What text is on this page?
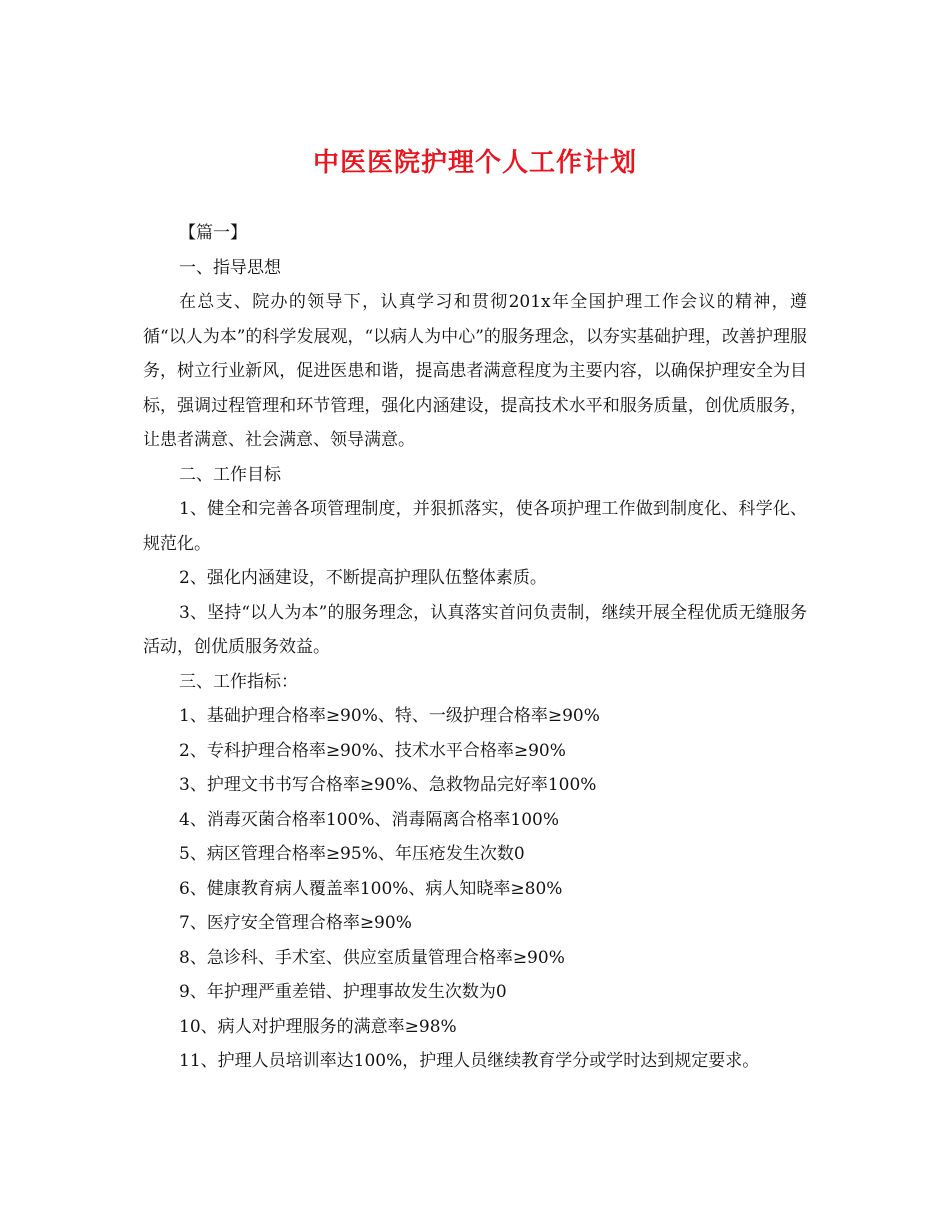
中医医院护理个人工作计划

【篇一】

一、指导思想

在总支、院办的领导下，认真学习和贯彻201x年全国护理工作会议的精神，遵循“以人为本”的科学发展观，“以病人为中心”的服务理念，以夯实基础护理，改善护理服务，树立行业新风，促进医患和谐，提高患者满意程度为主要内容，以确保护理安全为目标，强调过程管理和环节管理，强化内涵建设，提高技术水平和服务质量，创优质服务，让患者满意、社会满意、领导满意。

二、工作目标

1、健全和完善各项管理制度，并狠抓落实，使各项护理工作做到制度化、科学化、规范化。

2、强化内涵建设，不断提高护理队伍整体素质。

3、坚持“以人为本”的服务理念，认真落实首问负责制，继续开展全程优质无缝服务活动，创优质服务效益。

三、工作指标：

1、基础护理合格率≥90%、特、一级护理合格率≥90%

2、专科护理合格率≥90%、技术水平合格率≥90%

3、护理文书书写合格率≥90%、急救物品完好率100%

4、消毒灭菌合格率100%、消毒隔离合格率100%

5、病区管理合格率≥95%、年压疮发生次数0

6、健康教育病人覆盖率100%、病人知晓率≥80%

7、医疗安全管理合格率≥90%

8、急诊科、手术室、供应室质量管理合格率≥90%

9、年护理严重差错、护理事故发生次数为0

10、病人对护理服务的满意率≥98%

11、护理人员培训率达100%，护理人员继续教育学分或学时达到规定要求。
